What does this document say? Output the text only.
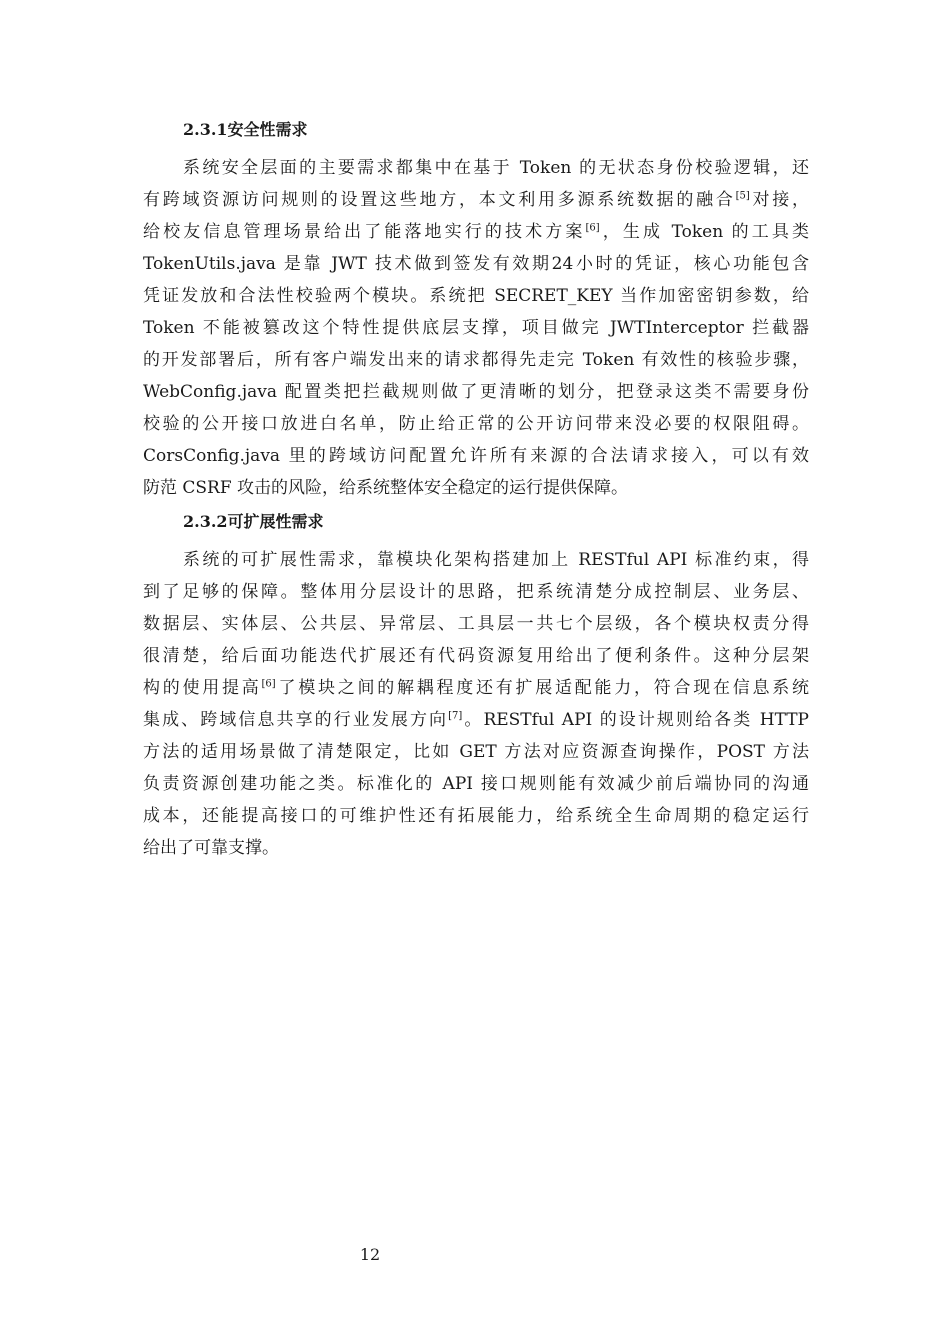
2.3.1安全性需求
系统安全层面的主要需求都集中在基于 Token 的无状态身份校验逻辑，还
有跨域资源访问规则的设置这些地方，本文利用多源系统数据的融合[5]对接，
给校友信息管理场景给出了能落地实行的技术方案[6]，生成 Token 的工具类
TokenUtils.java 是靠 JWT 技术做到签发有效期24小时的凭证，核心功能包含
凭证发放和合法性校验两个模块。系统把 SECRET_KEY 当作加密密钥参数，给
Token 不能被篡改这个特性提供底层支撑，项目做完 JWTInterceptor 拦截器
的开发部署后，所有客户端发出来的请求都得先走完 Token 有效性的核验步骤，
WebConfig.java 配置类把拦截规则做了更清晰的划分，把登录这类不需要身份
校验的公开接口放进白名单，防止给正常的公开访问带来没必要的权限阻碍。
CorsConfig.java 里的跨域访问配置允许所有来源的合法请求接入，可以有效
防范 CSRF 攻击的风险，给系统整体安全稳定的运行提供保障。
2.3.2可扩展性需求
系统的可扩展性需求，靠模块化架构搭建加上 RESTful API 标准约束，得
到了足够的保障。整体用分层设计的思路，把系统清楚分成控制层、业务层、
数据层、实体层、公共层、异常层、工具层一共七个层级，各个模块权责分得
很清楚，给后面功能迭代扩展还有代码资源复用给出了便利条件。这种分层架
构的使用提高[6]了模块之间的解耦程度还有扩展适配能力，符合现在信息系统
集成、跨域信息共享的行业发展方向[7]。RESTful API 的设计规则给各类 HTTP
方法的适用场景做了清楚限定，比如 GET 方法对应资源查询操作，POST 方法
负责资源创建功能之类。标准化的 API 接口规则能有效减少前后端协同的沟通
成本，还能提高接口的可维护性还有拓展能力，给系统全生命周期的稳定运行
给出了可靠支撑。
12
